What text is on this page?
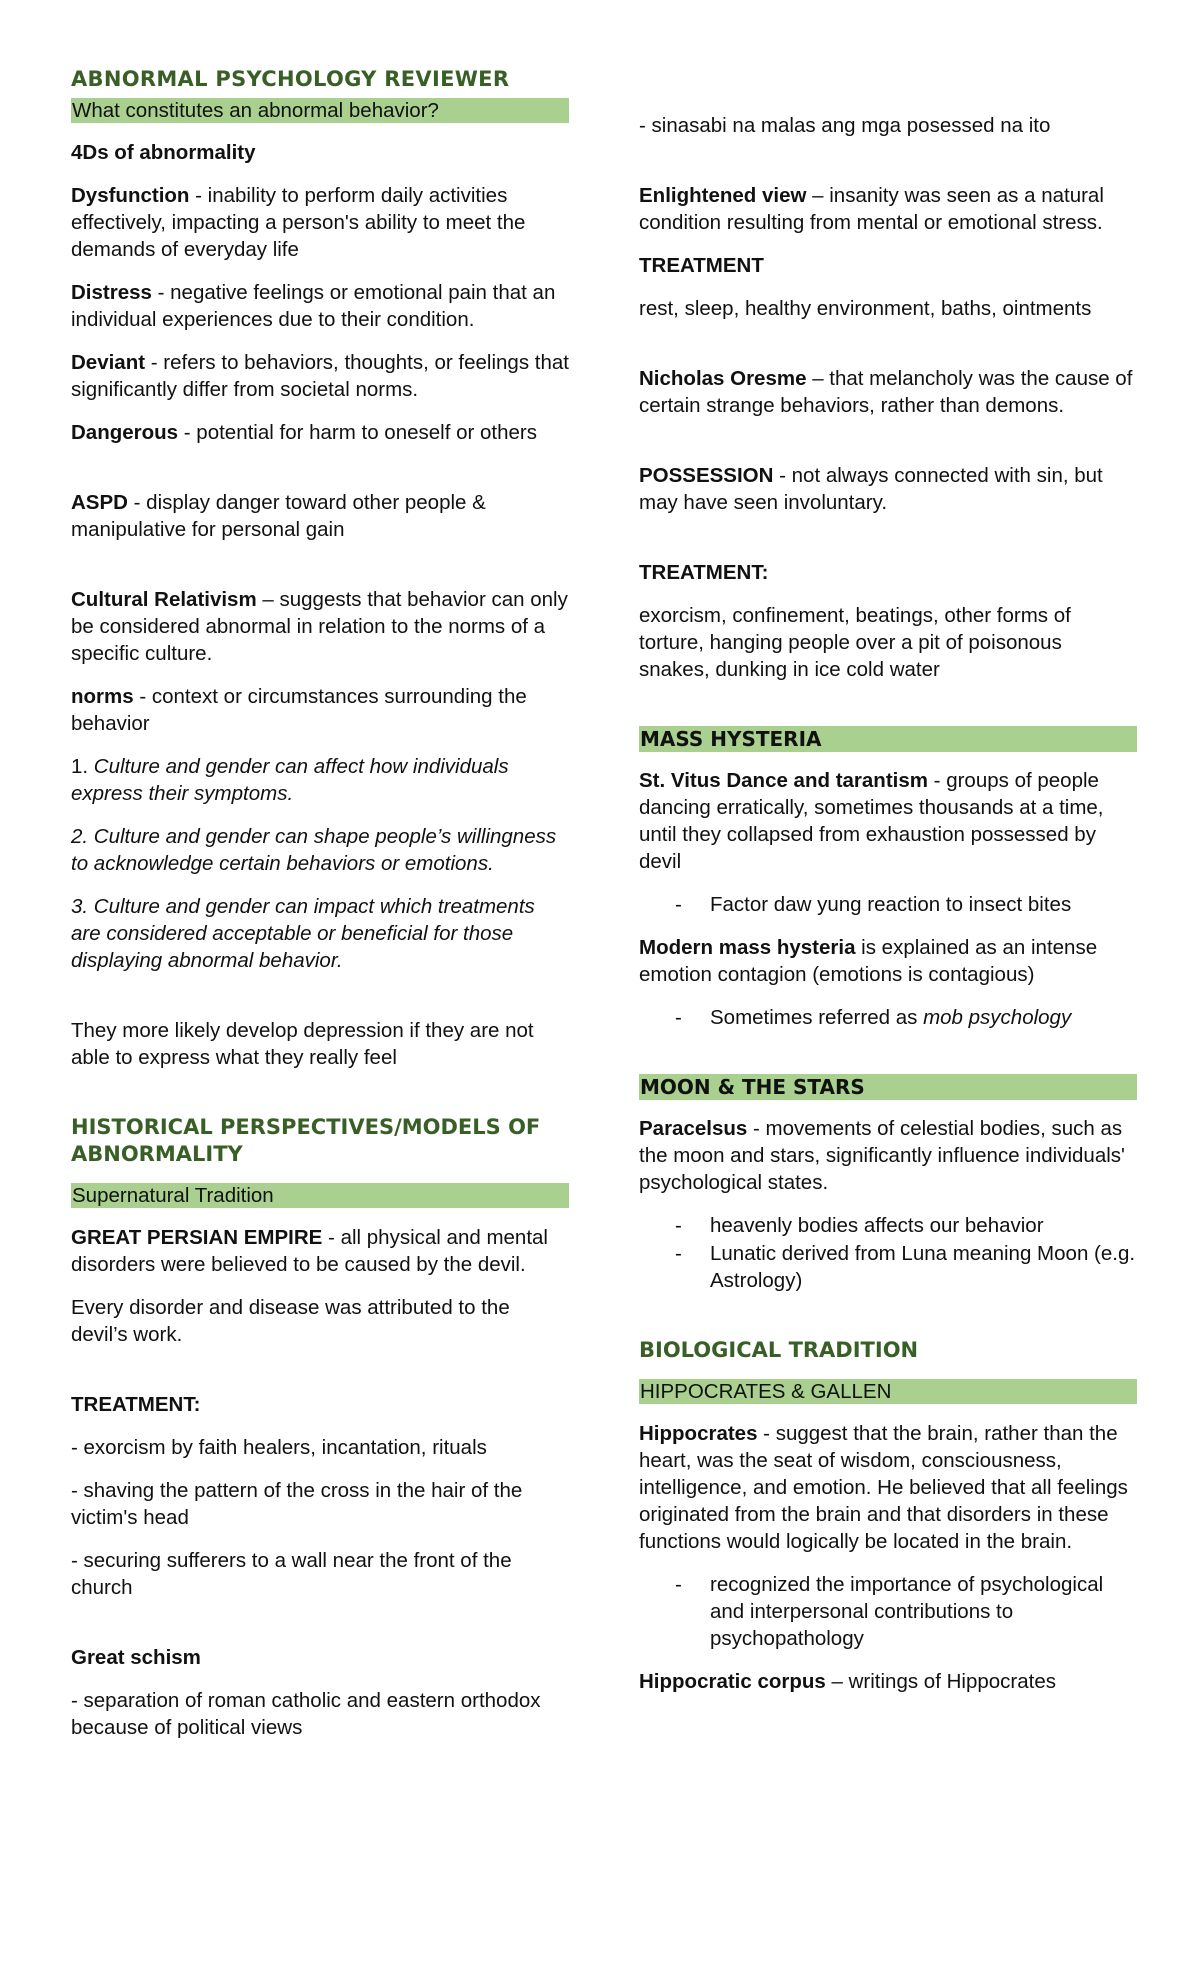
ABNORMAL PSYCHOLOGY REVIEWER
What constitutes an abnormal behavior?

4Ds of abnormality

Dysfunction - inability to perform daily activities effectively, impacting a person's ability to meet the demands of everyday life

Distress - negative feelings or emotional pain that an individual experiences due to their condition.

Deviant - refers to behaviors, thoughts, or feelings that significantly differ from societal norms.

Dangerous - potential for harm to oneself or others

ASPD - display danger toward other people & manipulative for personal gain

Cultural Relativism – suggests that behavior can only be considered abnormal in relation to the norms of a specific culture.

norms - context or circumstances surrounding the behavior

1. Culture and gender can affect how individuals express their symptoms.

2. Culture and gender can shape people’s willingness to acknowledge certain behaviors or emotions.

3. Culture and gender can impact which treatments are considered acceptable or beneficial for those displaying abnormal behavior.

They more likely develop depression if they are not able to express what they really feel

HISTORICAL PERSPECTIVES/MODELS OF ABNORMALITY
Supernatural Tradition

GREAT PERSIAN EMPIRE - all physical and mental disorders were believed to be caused by the devil.

Every disorder and disease was attributed to the devil’s work.

TREATMENT:

- exorcism by faith healers, incantation, rituals

- shaving the pattern of the cross in the hair of the victim's head

- securing sufferers to a wall near the front of the church

Great schism

- separation of roman catholic and eastern orthodox because of political views

- sinasabi na malas ang mga posessed na ito

Enlightened view – insanity was seen as a natural condition resulting from mental or emotional stress.

TREATMENT

rest, sleep, healthy environment, baths, ointments

Nicholas Oresme – that melancholy was the cause of certain strange behaviors, rather than demons.

POSSESSION - not always connected with sin, but may have seen involuntary.

TREATMENT:

exorcism, confinement, beatings, other forms of torture, hanging people over a pit of poisonous snakes, dunking in ice cold water

MASS HYSTERIA

St. Vitus Dance and tarantism - groups of people dancing erratically, sometimes thousands at a time, until they collapsed from exhaustion possessed by devil

- Factor daw yung reaction to insect bites

Modern mass hysteria is explained as an intense emotion contagion (emotions is contagious)

- Sometimes referred as mob psychology
MOON & THE STARS

Paracelsus - movements of celestial bodies, such as the moon and stars, significantly influence individuals' psychological states.

- heavenly bodies affects our behavior
- Lunatic derived from Luna meaning Moon (e.g. Astrology)
BIOLOGICAL TRADITION
HIPPOCRATES & GALLEN

Hippocrates - suggest that the brain, rather than the heart, was the seat of wisdom, consciousness, intelligence, and emotion. He believed that all feelings originated from the brain and that disorders in these functions would logically be located in the brain.

- recognized the importance of psychological and interpersonal contributions to psychopathology

Hippocratic corpus – writings of Hippocrates
